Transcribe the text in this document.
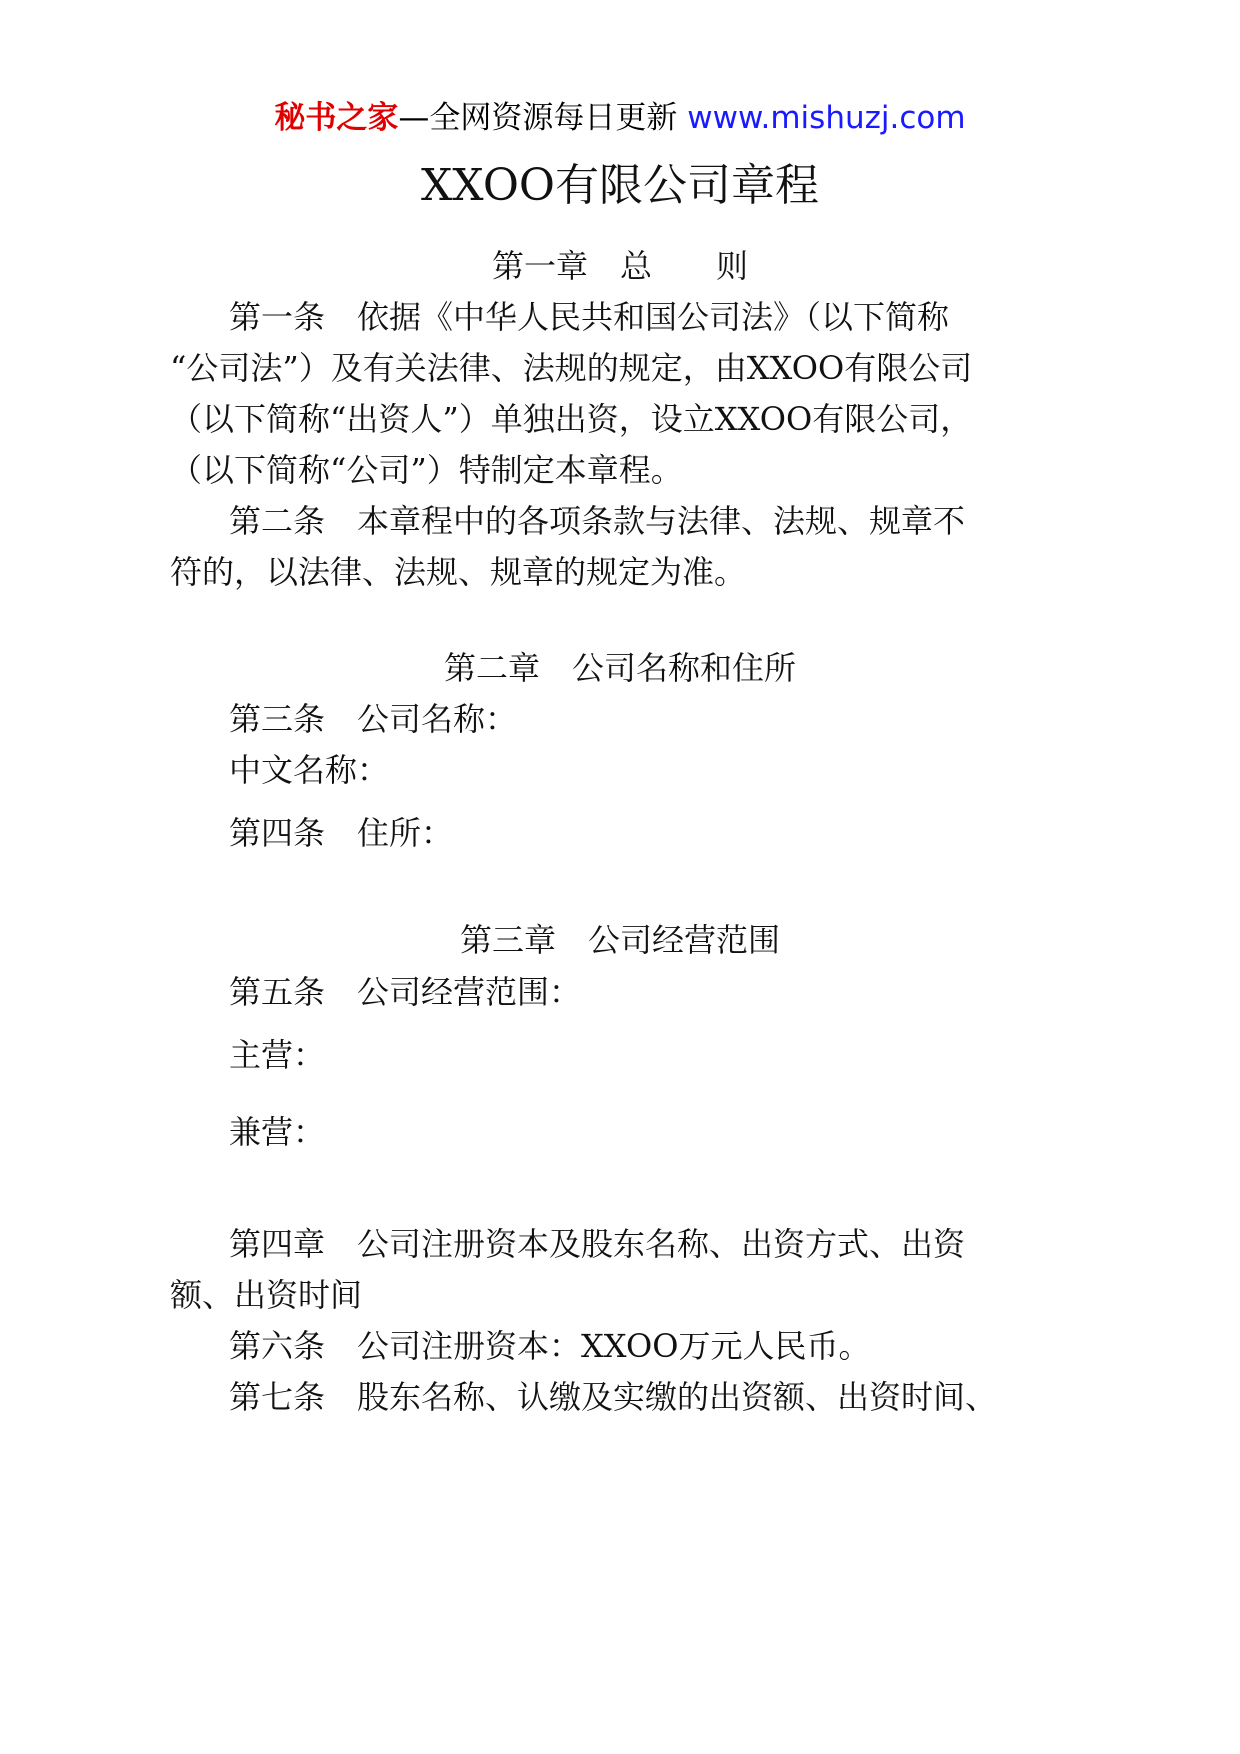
秘书之家—全网资源每日更新 www.mishuzj.com
XXOO有限公司章程
第一章　总　　则
第一条　依据《中华人民共和国公司法》（以下简称
“公司法”）及有关法律、法规的规定，由XXOO有限公司
（以下简称“出资人”）单独出资，设立XXOO有限公司，
（以下简称“公司”）特制定本章程。
第二条　本章程中的各项条款与法律、法规、规章不
符的，以法律、法规、规章的规定为准。
第二章　公司名称和住所
第三条　公司名称：
中文名称：
第四条　住所：
第三章　公司经营范围
第五条　公司经营范围：
主营：
兼营：
第四章　公司注册资本及股东名称、出资方式、出资
额、出资时间
第六条　公司注册资本：XXOO万元人民币。
第七条　股东名称、认缴及实缴的出资额、出资时间、
